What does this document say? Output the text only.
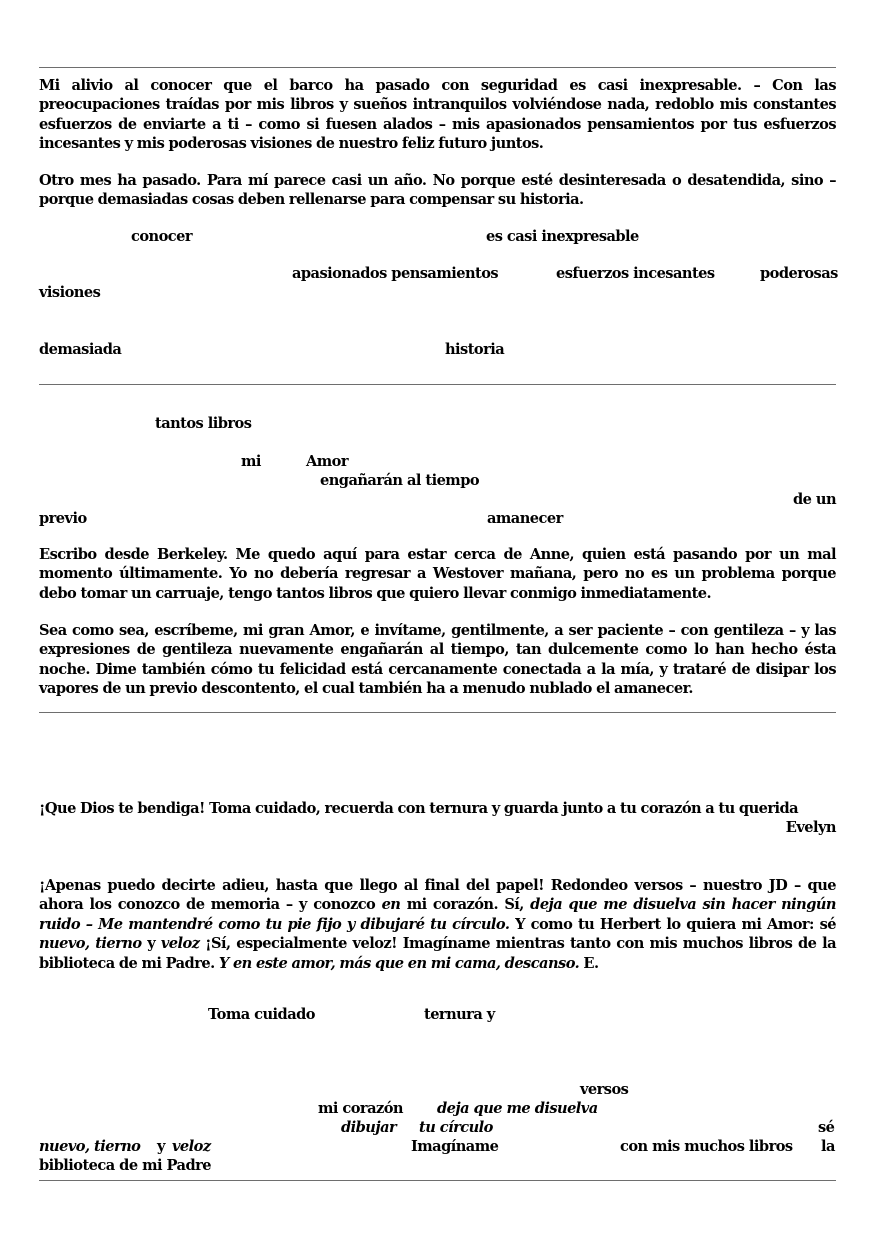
Mi alivio al conocer que el barco ha pasado con seguridad es casi inexpresable. – Con las preocupaciones traídas por mis libros y sueños intranquilos volviéndose nada, redoblo mis constantes esfuerzos de enviarte a ti – como si fuesen alados – mis apasionados pensamientos por tus esfuerzos incesantes y mis poderosas visiones de nuestro feliz futuro juntos.

Otro mes ha pasado. Para mí parece casi un año. No porque esté desinteresada o desatendida, sino – porque demasiadas cosas deben rellenarse para compensar su historia.

conocer	es casi inexpresable
apasionados pensamientos	esfuerzos incesantes	poderosas
visiones
demasiada	historia
tantos libros
mi	Amor
engañarán al tiempo
de un
previo	amanecer

Escribo desde Berkeley. Me quedo aquí para estar cerca de Anne, quien está pasando por un mal momento últimamente. Yo no debería regresar a Westover mañana, pero no es un problema porque debo tomar un carruaje, tengo tantos libros que quiero llevar conmigo inmediatamente.

Sea como sea, escríbeme, mi gran Amor, e invítame, gentilmente, a ser paciente – con gentileza – y las expresiones de gentileza nuevamente engañarán al tiempo, tan dulcemente como lo han hecho ésta noche. Dime también cómo tu felicidad está cercanamente conectada a la mía, y trataré de disipar los vapores de un previo descontento, el cual también ha a menudo nublado el amanecer.

¡Que Dios te bendiga! Toma cuidado, recuerda con ternura y guarda junto a tu corazón a tu querida

Evelyn

¡Apenas puedo decirte adieu, hasta que llego al final del papel! Redondeo versos – nuestro JD – que ahora los conozco de memoria – y conozco en mi corazón. Sí, deja que me disuelva sin hacer ningún ruido – Me mantendré como tu pie fijo y dibujaré tu círculo. Y como tu Herbert lo quiera mi Amor: sé nuevo, tierno y veloz ¡Sí, especialmente veloz! Imagíname mientras tanto con mis muchos libros de la biblioteca de mi Padre. Y en este amor, más que en mi cama, descanso. E.

Toma cuidado	ternura y
versos
mi corazón deja que me disuelva
dibujar tu círculo	sé
nuevo, tierno y veloz	Imagíname	con mis muchos libros la
biblioteca de mi Padre
